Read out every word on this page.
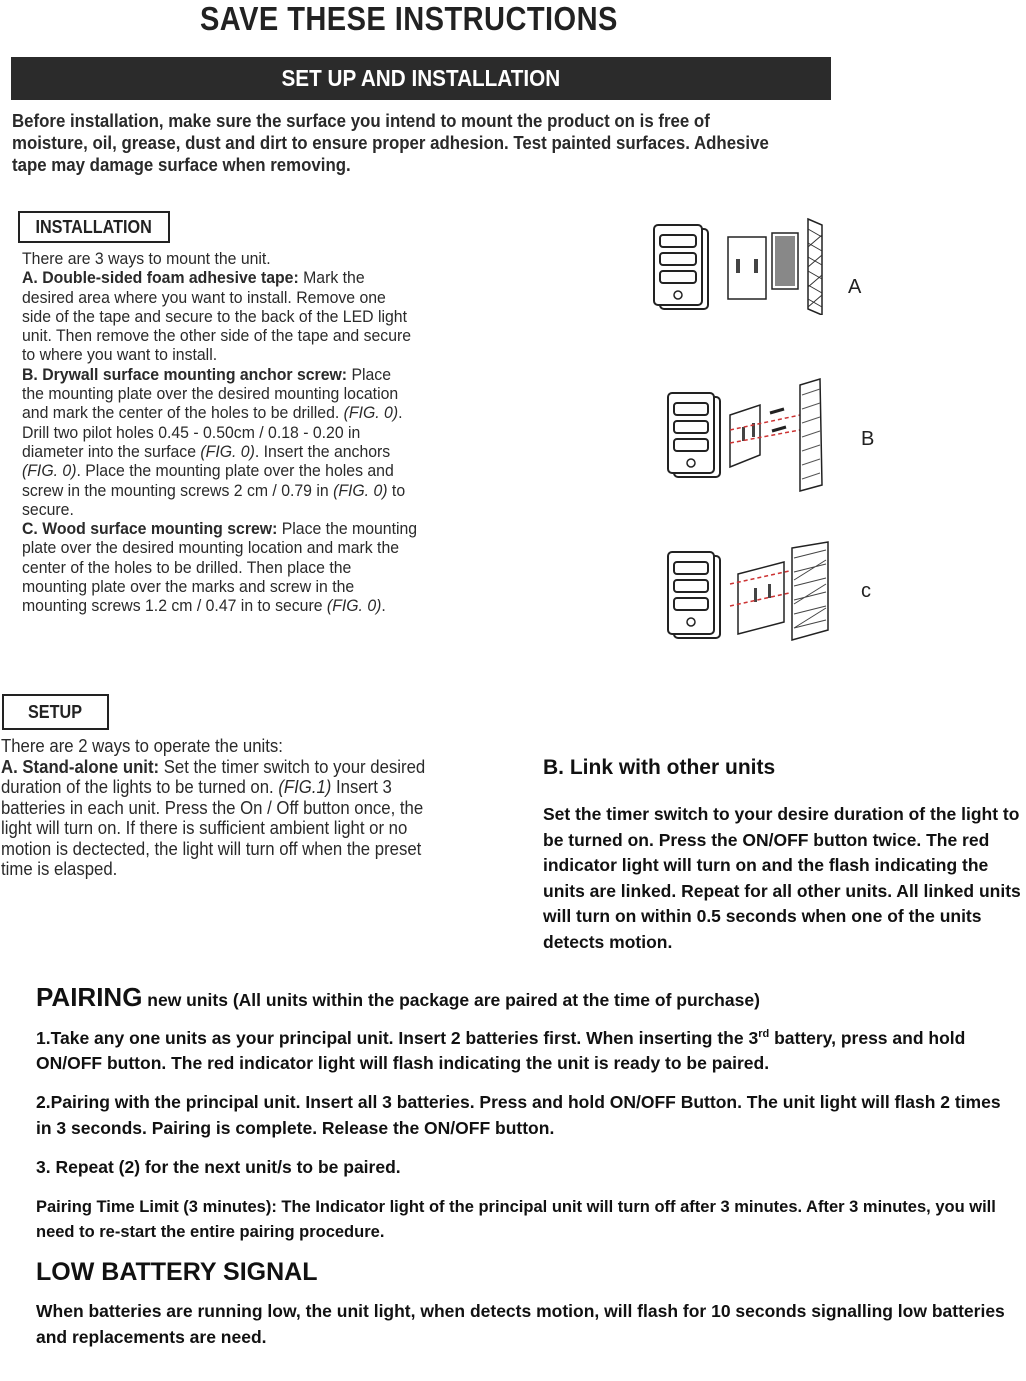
SAVE THESE INSTRUCTIONS
SET UP AND INSTALLATION
Before installation, make sure the surface you intend to mount the product on is free of moisture, oil, grease, dust and dirt to ensure proper adhesion. Test painted surfaces. Adhesive tape may damage surface when removing.
INSTALLATION

There are 3 ways to mount the unit.

A. Double-sided foam adhesive tape: Mark the desired area where you want to install. Remove one side of the tape and secure to the back of the LED light unit. Then remove the other side of the tape and secure to where you want to install.

B. Drywall surface mounting anchor screw: Place the mounting plate over the desired mounting location and mark the center of the holes to be drilled. (FIG. 0). Drill two pilot holes 0.45 - 0.50cm / 0.18 - 0.20 in diameter into the surface (FIG. 0). Insert the anchors (FIG. 0). Place the mounting plate over the holes and screw in the mounting screws 2 cm / 0.79 in (FIG. 0) to secure.

C. Wood surface mounting screw: Place the mounting plate over the desired mounting location and mark the center of the holes to be drilled. Then place the mounting plate over the marks and screw in the mounting screws 1.2 cm / 0.47 in to secure (FIG. 0).

A
B
c
SETUP

There are 2 ways to operate the units:

A. Stand-alone unit: Set the timer switch to your desired duration of the lights to be turned on. (FIG.1) Insert 3 batteries in each unit. Press the On / Off button once, the light will turn on. If there is sufficient ambient light or no motion is dectected, the light will turn off when the preset time is elasped.

B. Link with other units
Set the timer switch to your desire duration of the light to be turned on. Press the ON/OFF button twice. The red indicator light will turn on and the flash indicating the units are linked. Repeat for all other units. All linked units will turn on within 0.5 seconds when one of the units detects motion.

PAIRING new units (All units within the package are paired at the time of purchase)

1.Take any one units as your principal unit. Insert 2 batteries first. When inserting the 3rd battery, press and hold ON/OFF button. The red indicator light will flash indicating the unit is ready to be paired.

2.Pairing with the principal unit. Insert all 3 batteries. Press and hold ON/OFF Button. The unit light will flash 2 times in 3 seconds. Pairing is complete. Release the ON/OFF button.

3. Repeat (2) for the next unit/s to be paired.

Pairing Time Limit (3 minutes): The Indicator light of the principal unit will turn off after 3 minutes. After 3 minutes, you will need to re-start the entire pairing procedure.

LOW BATTERY SIGNAL

When batteries are running low, the unit light, when detects motion, will flash for 10 seconds signalling low batteries and replacements are need.
